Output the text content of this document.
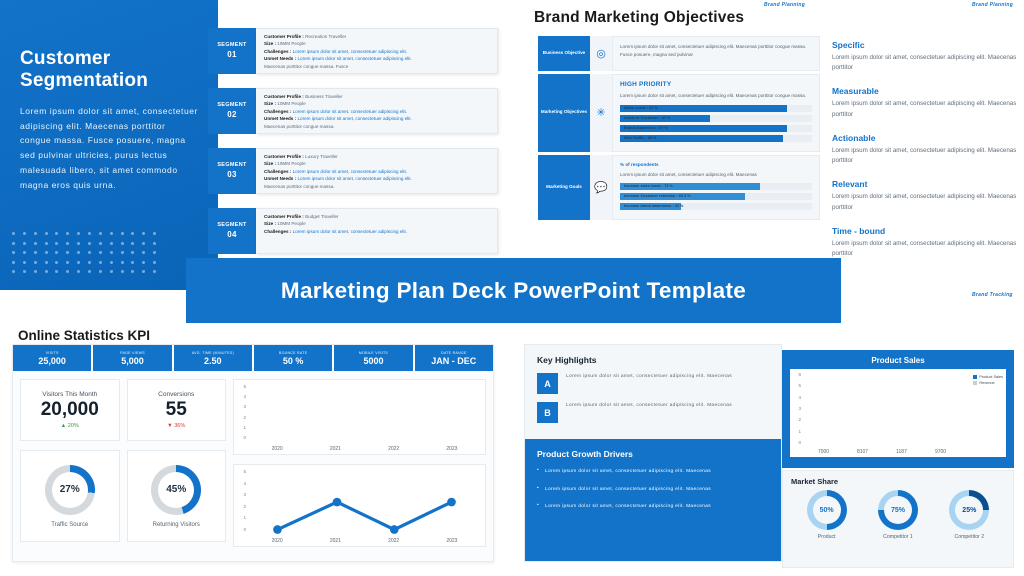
Customer Segmentation
Lorem ipsum dolor sit amet, consectetuer adipiscing elit. Maecenas porttitor congue massa. Fusce posuere, magna sed pulvinar ultricies, purus lectus malesuada libero, sit amet commodo magna eros quis urna.
SEGMENT
01
Customer Profile : Recreation Traveller
Size : 10MM People
Challenges : Lorem ipsum dolor sit amet, consectetuer adipiscing elit.
Unmet Needs : Lorem ipsum dolor sit amet, consectetuer adipiscing elit.
Maecenas porttitor congue massa. Fusce
SEGMENT
02
Customer Profile : Business Traveller
Size : 10MM People
Challenges : Lorem ipsum dolor sit amet, consectetuer adipiscing elit.
Unmet Needs : Lorem ipsum dolor sit amet, consectetuer adipiscing elit.
Maecenas porttitor congue massa.
SEGMENT
03
Customer Profile : Luxury Traveller
Size : 10MM People
Challenges : Lorem ipsum dolor sit amet, consectetuer adipiscing elit.
Unmet Needs : Lorem ipsum dolor sit amet, consectetuer adipiscing elit.
Maecenas porttitor congue massa.
SEGMENT
04
Customer Profile : Budget Traveller
Size : 10MM People
Challenges : Lorem ipsum dolor sit amet, consectetuer adipiscing elit.
Brand Marketing Objectives
Brand Planning
Business Objective	◎

Lorem ipsum dolor sit amet, consectetuer adipiscing elit. Maecenas porttitor congue massa. Fusce posuere, magna sed pulvinar

Marketing Objectives ✳
HIGH PRIORITY

Lorem ipsum dolor sit amet, consectetuer adipiscing elit. Maecenas porttitor congue massa.

Sales Leads : 87 %
Leads to Customer : 47 %
Brand Awareness : 87 %
Web Traffic : 85 %
Marketing Goals	💬
% of respondents

Lorem ipsum dolor sit amet, consectetuer adipiscing elit. Maecenas

Increase sales leads : 73 %
Increase Customer retention : 65.3 %
Increase brand awareness : 32 %
Brand Planning
Specific

Lorem ipsum dolor sit amet, consectetuer adipiscing elit. Maecenas porttitor

Measurable

Lorem ipsum dolor sit amet, consectetuer adipiscing elit. Maecenas porttitor

Actionable

Lorem ipsum dolor sit amet, consectetuer adipiscing elit. Maecenas porttitor

Relevant

Lorem ipsum dolor sit amet, consectetuer adipiscing elit. Maecenas porttitor

Time - bound

Lorem ipsum dolor sit amet, consectetuer adipiscing elit. Maecenas porttitor

Brand Tracking
Marketing Plan Deck PowerPoint Template
Online Statistics KPI
VISITS
25,000
PAGE VIEWS
5,000
AVG. TIME (MINUTES)
2.50
BOUNCE RATE
50 %
MOBILE VISITS
5000
DATE RANGE
JAN - DEC
Visitors This Month
20,000
▲ 20%
Conversions
55
▼ 36%
27%
Traffic Source
45%
Returning Visitors
5
4
3
2
1
0
2020	2021	2022	2023
5
4
3
2
1
0
2020	2021	2022	2023
Key Highlights
A

Lorem ipsum dolor sit amet, consectetuer adipiscing elit. Maecenas

B

Lorem ipsum dolor sit amet, consectetuer adipiscing elit. Maecenas

Product Growth Drivers
• Lorem ipsum dolor sit amet, consectetuer adipiscing elit. Maecenas
• Lorem ipsum dolor sit amet, consectetuer adipiscing elit. Maecenas
• Lorem ipsum dolor sit amet, consectetuer adipiscing elit. Maecenas
Product Sales
6
5
4
3
2
1
0
7000	8107	1187	9700
Product Sales
Revenue
Market Share
50%
Product
75%
Competitor 1
25%
Competitor 2
